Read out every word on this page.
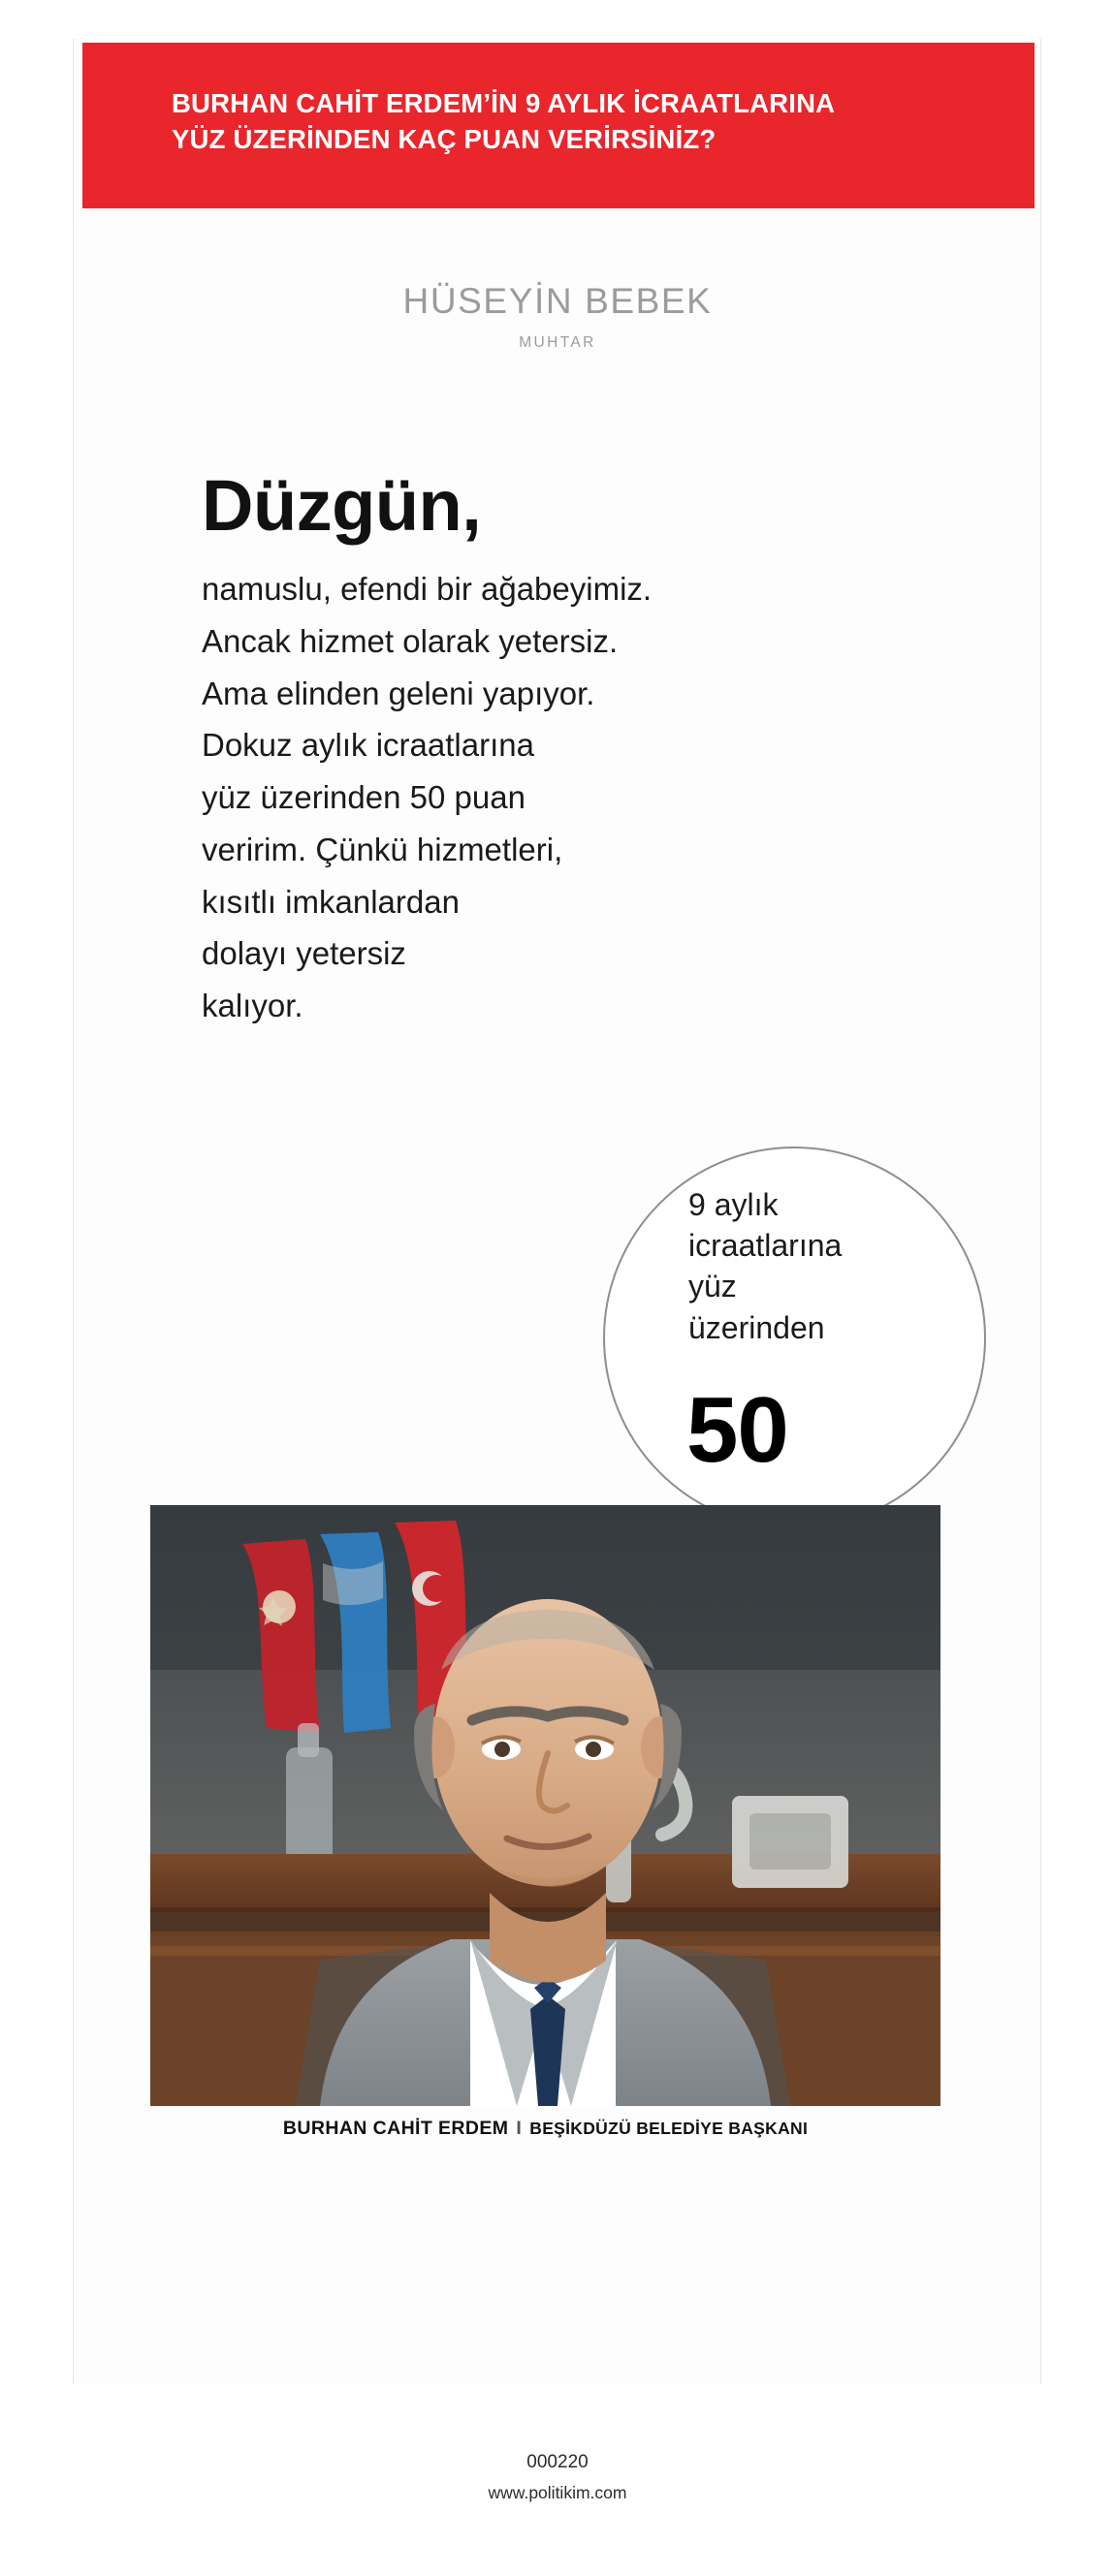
BURHAN CAHİT ERDEM’İN 9 AYLIK İCRAATLARINA
YÜZ ÜZERİNDEN KAÇ PUAN VERİRSİNİZ?
HÜSEYİN BEBEK
MUHTAR
Düzgün,
namuslu, efendi bir ağabeyimiz.
Ancak hizmet olarak yetersiz.
Ama elinden geleni yapıyor.
Dokuz aylık icraatlarına
yüz üzerinden 50 puan
veririm. Çünkü hizmetleri,
kısıtlı imkanlardan
dolayı yetersiz
kalıyor.
9 aylık
icraatlarına
yüz
üzerinden
50
BURHAN CAHİT ERDEM I BEŞİKDÜZÜ BELEDİYE BAŞKANI
000220
www.politikim.com
